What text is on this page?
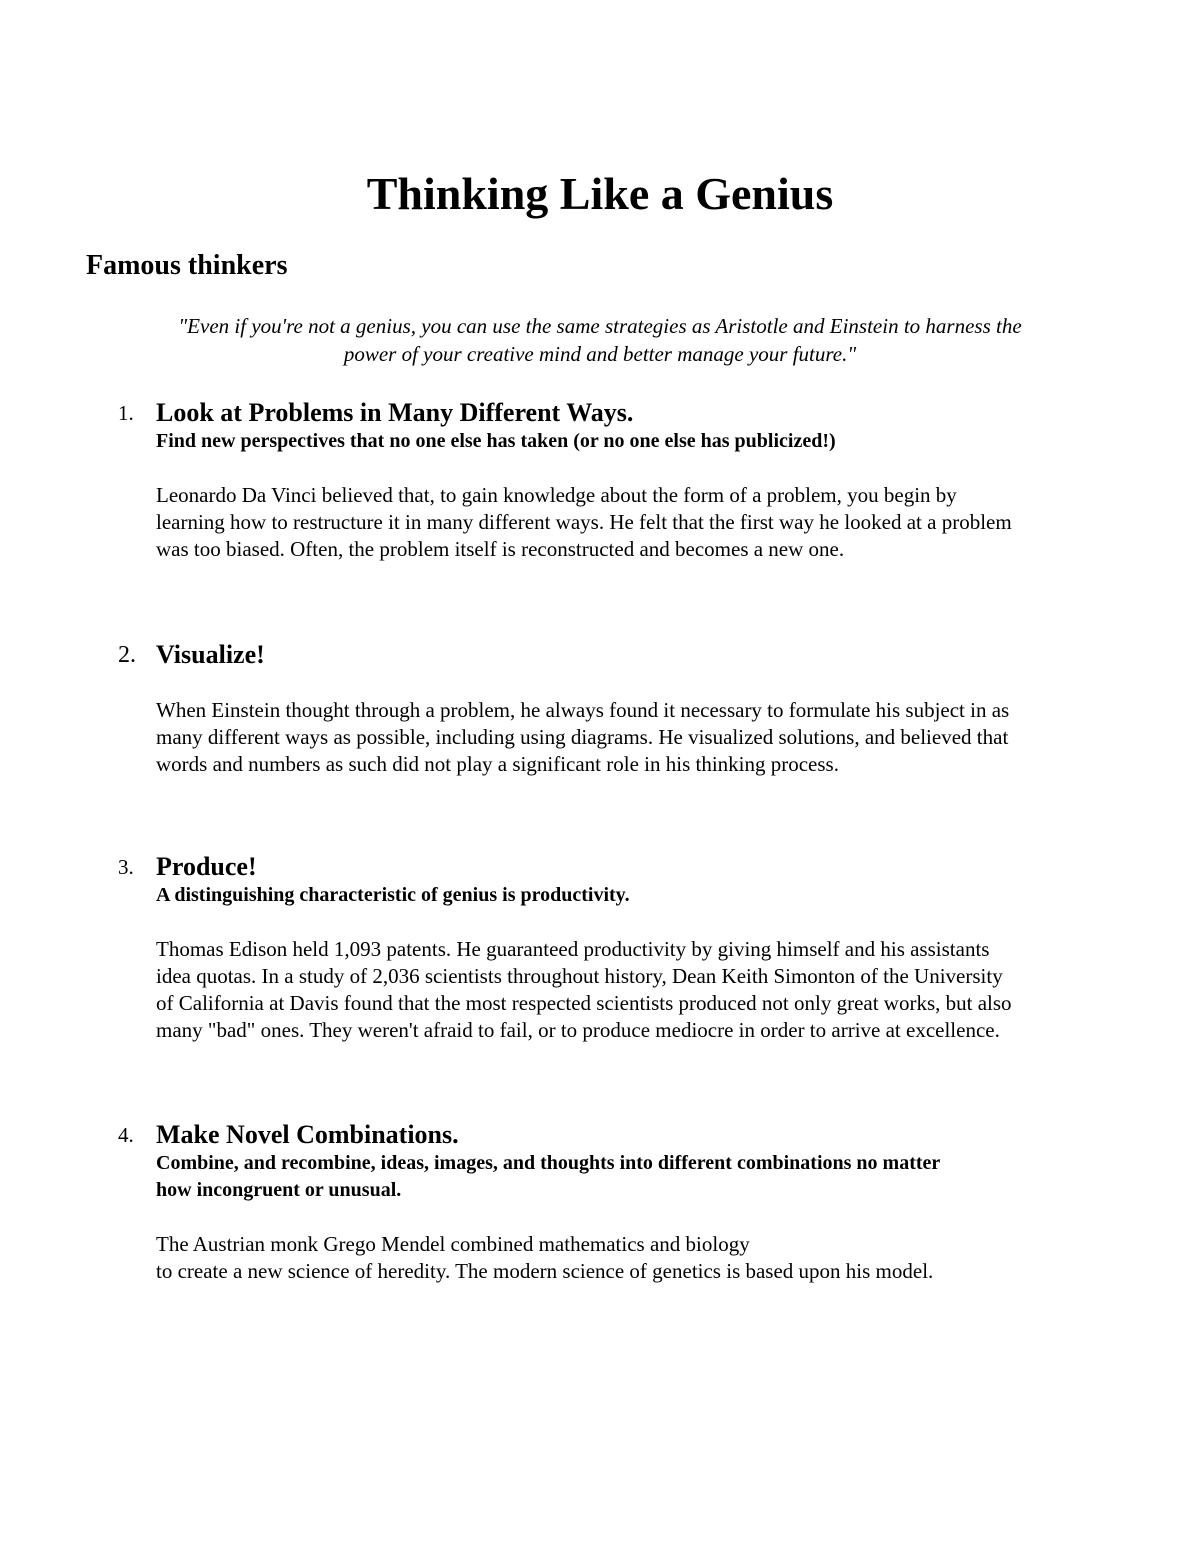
Thinking Like a Genius
Famous thinkers

"Even if you're not a genius, you can use the same strategies as Aristotle and Einstein to harness the
power of your creative mind and better manage your future."

1. Look at Problems in Many Different Ways.

Find new perspectives that no one else has taken (or no one else has publicized!)

Leonardo Da Vinci believed that, to gain knowledge about the form of a problem, you begin by
learning how to restructure it in many different ways. He felt that the first way he looked at a problem
was too biased. Often, the problem itself is reconstructed and becomes a new one.

2. Visualize!

When Einstein thought through a problem, he always found it necessary to formulate his subject in as
many different ways as possible, including using diagrams. He visualized solutions, and believed that
words and numbers as such did not play a significant role in his thinking process.

3. Produce!

A distinguishing characteristic of genius is productivity.

Thomas Edison held 1,093 patents. He guaranteed productivity by giving himself and his assistants
idea quotas. In a study of 2,036 scientists throughout history, Dean Keith Simonton of the University
of California at Davis found that the most respected scientists produced not only great works, but also
many "bad" ones. They weren't afraid to fail, or to produce mediocre in order to arrive at excellence.

4. Make Novel Combinations.

Combine, and recombine, ideas, images, and thoughts into different combinations no matter
how incongruent or unusual.

The Austrian monk Grego Mendel combined mathematics and biology
to create a new science of heredity. The modern science of genetics is based upon his model.
